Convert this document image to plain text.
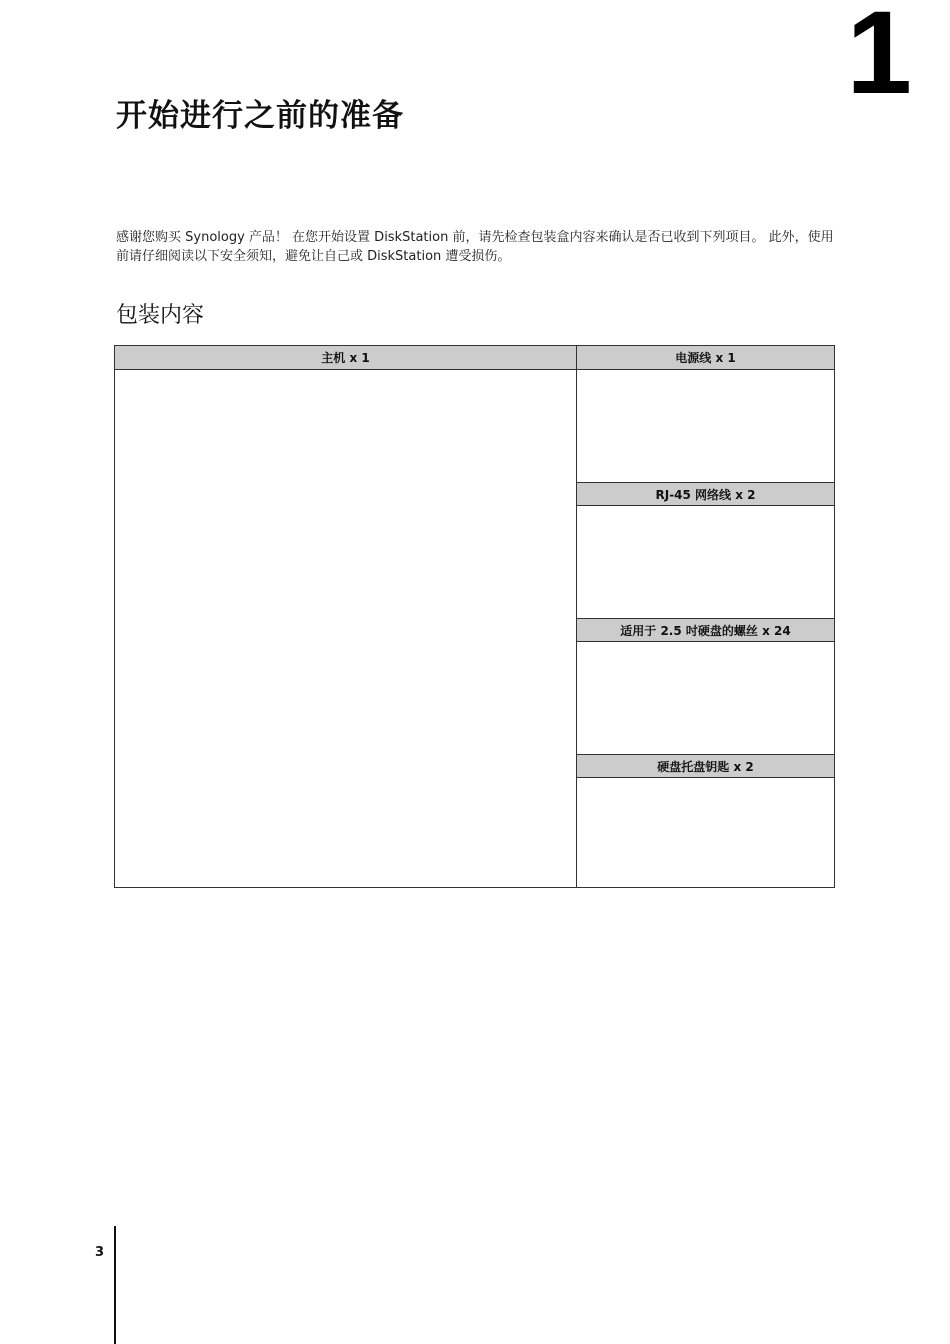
1
开始进行之前的准备

感谢您购买 Synology 产品！ 在您开始设置 DiskStation 前，请先检查包装盒内容来确认是否已收到下列项目。 此外，使用前请仔细阅读以下安全须知，避免让自己或 DiskStation 遭受损伤。

包装内容
主机 x 1	电源线 x 1
RJ-45 网络线 x 2
适用于 2.5 吋硬盘的螺丝 x 24
硬盘托盘钥匙 x 2
3
